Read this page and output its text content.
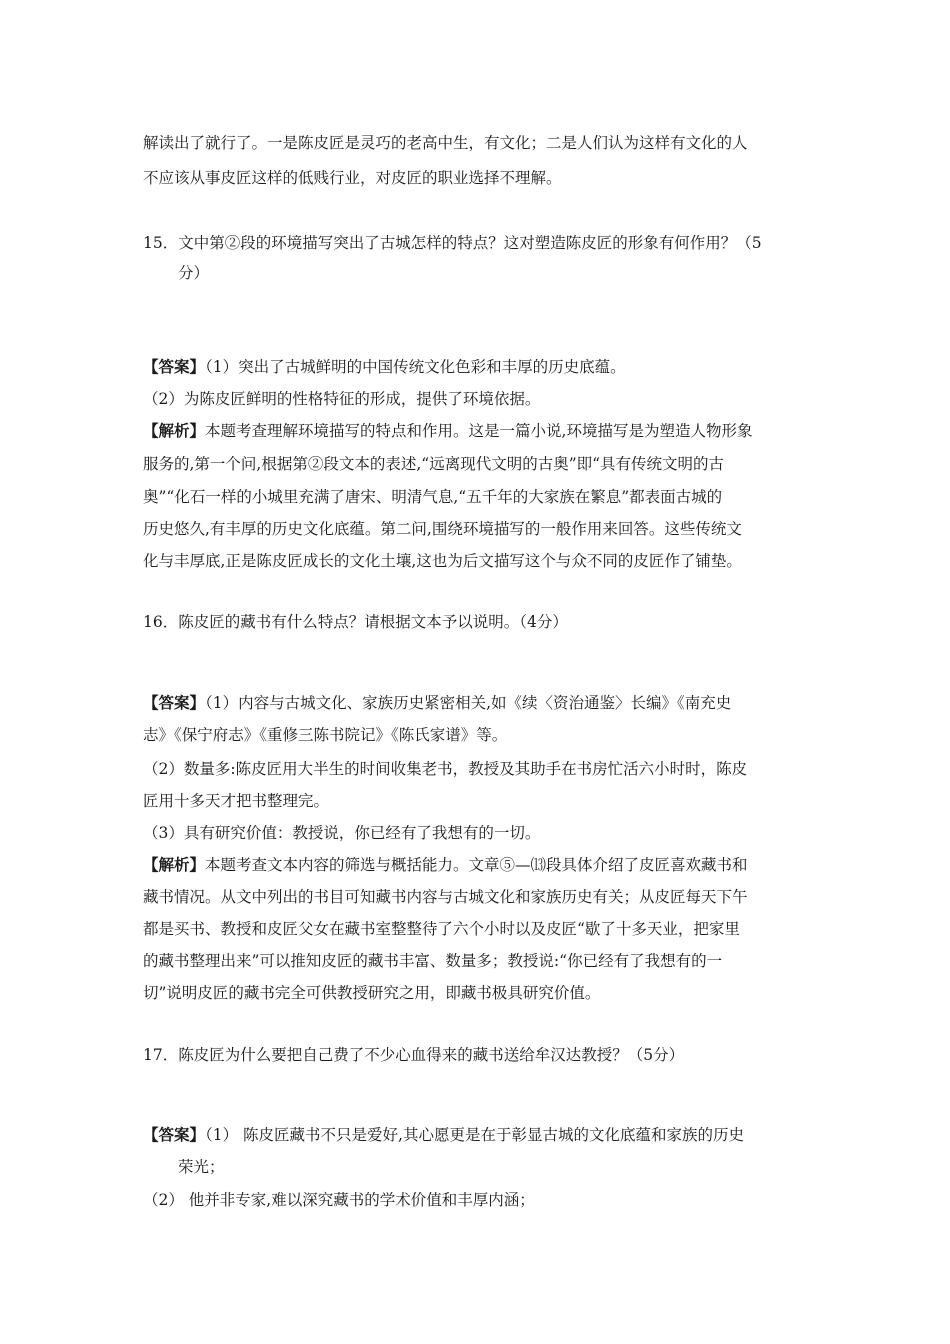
解读出了就行了。一是陈皮匠是灵巧的老高中生，有文化；二是人们认为这样有文化的人
不应该从事皮匠这样的低贱行业，对皮匠的职业选择不理解。
15．文中第②段的环境描写突出了古城怎样的特点？这对塑造陈皮匠的形象有何作用？（5
分）
【答案】（1）突出了古城鲜明的中国传统文化色彩和丰厚的历史底蕴。
（2）为陈皮匠鲜明的性格特征的形成，提供了环境依据。
【解析】本题考查理解环境描写的特点和作用。这是一篇小说,环境描写是为塑造人物形象
服务的,第一个问,根据第②段文本的表述,“远离现代文明的古奥”即“具有传统文明的古
奥”“化石一样的小城里充满了唐宋、明清气息,“五千年的大家族在繁息”都表面古城的
历史悠久,有丰厚的历史文化底蕴。第二问,围绕环境描写的一般作用来回答。这些传统文
化与丰厚底,正是陈皮匠成长的文化土壤,这也为后文描写这个与众不同的皮匠作了铺垫。
16．陈皮匠的藏书有什么特点？请根据文本予以说明。（4分）
【答案】（1）内容与古城文化、家族历史紧密相关,如《续〈资治通鉴〉长编》《南充史
志》《保宁府志》《重修三陈书院记》《陈氏家谱》等。
（2）数量多:陈皮匠用大半生的时间收集老书，教授及其助手在书房忙活六小时时，陈皮
匠用十多天才把书整理完。
（3）具有研究价值：教授说，你已经有了我想有的一切。
【解析】本题考查文本内容的筛选与概括能力。文章⑤—⒀段具体介绍了皮匠喜欢藏书和
藏书情况。从文中列出的书目可知藏书内容与古城文化和家族历史有关；从皮匠每天下午
都是买书、教授和皮匠父女在藏书室整整待了六个小时以及皮匠“歇了十多天业，把家里
的藏书整理出来”可以推知皮匠的藏书丰富、数量多；教授说:“你已经有了我想有的一
切”说明皮匠的藏书完全可供教授研究之用，即藏书极具研究价值。
17．陈皮匠为什么要把自己费了不少心血得来的藏书送给牟汉达教授？（5分）
【答案】（1） 陈皮匠藏书不只是爱好,其心愿更是在于彰显古城的文化底蕴和家族的历史
荣光；
（2） 他并非专家,难以深究藏书的学术价值和丰厚内涵；
